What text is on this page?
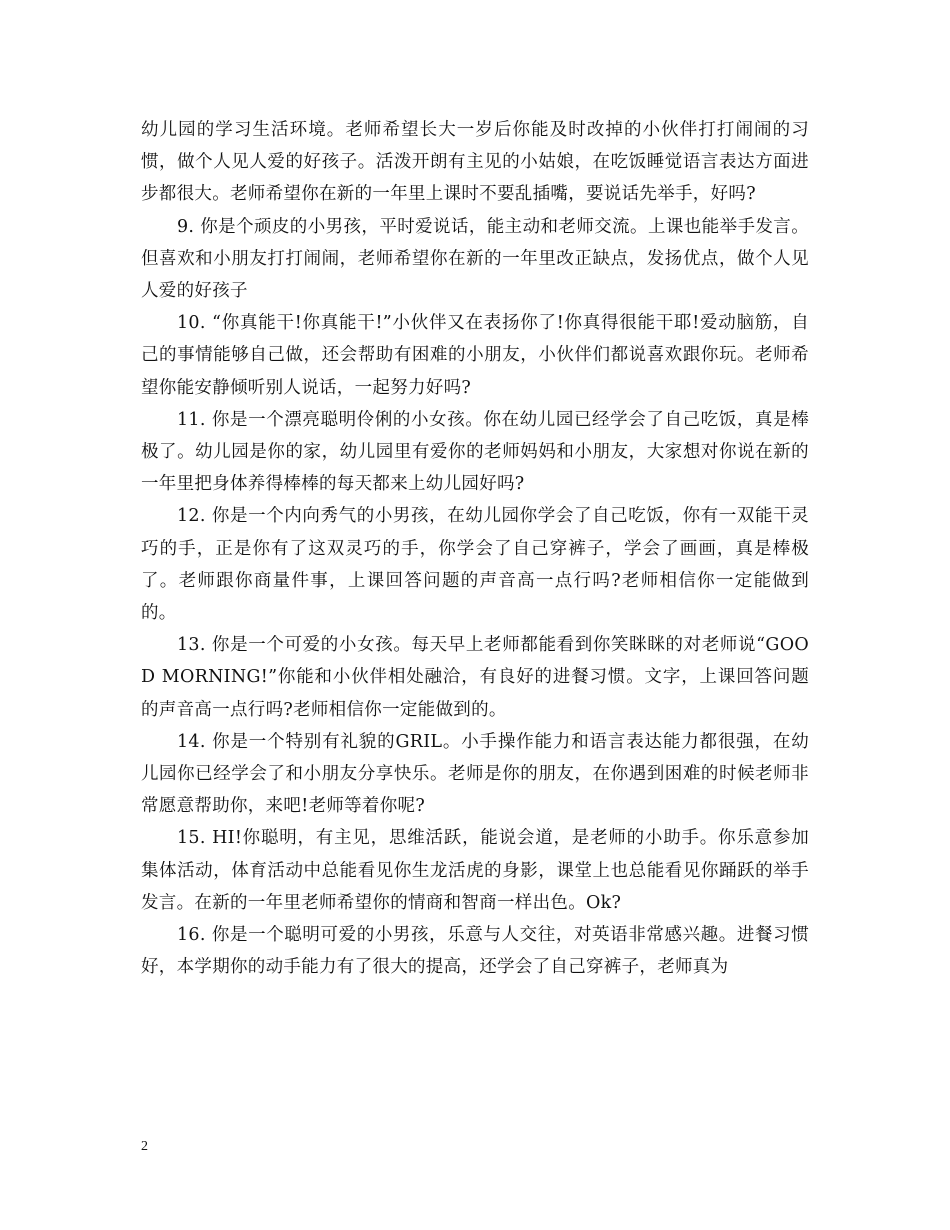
幼儿园的学习生活环境。老师希望长大一岁后你能及时改掉的小伙伴打打闹闹的习惯，做个人见人爱的好孩子。活泼开朗有主见的小姑娘，在吃饭睡觉语言表达方面进步都很大。老师希望你在新的一年里上课时不要乱插嘴，要说话先举手，好吗?

9. 你是个顽皮的小男孩，平时爱说话，能主动和老师交流。上课也能举手发言。但喜欢和小朋友打打闹闹，老师希望你在新的一年里改正缺点，发扬优点，做个人见人爱的好孩子

10. “你真能干!你真能干!”小伙伴又在表扬你了!你真得很能干耶!爱动脑筋，自己的事情能够自己做，还会帮助有困难的小朋友，小伙伴们都说喜欢跟你玩。老师希望你能安静倾听别人说话，一起努力好吗?

11. 你是一个漂亮聪明伶俐的小女孩。你在幼儿园已经学会了自己吃饭，真是棒极了。幼儿园是你的家，幼儿园里有爱你的老师妈妈和小朋友，大家想对你说在新的一年里把身体养得棒棒的每天都来上幼儿园好吗?

12. 你是一个内向秀气的小男孩，在幼儿园你学会了自己吃饭，你有一双能干灵巧的手，正是你有了这双灵巧的手，你学会了自己穿裤子，学会了画画，真是棒极了。老师跟你商量件事，上课回答问题的声音高一点行吗?老师相信你一定能做到的。

13. 你是一个可爱的小女孩。每天早上老师都能看到你笑眯眯的对老师说“GOOD MORNING!”你能和小伙伴相处融洽，有良好的进餐习惯。文字，上课回答问题的声音高一点行吗?老师相信你一定能做到的。

14. 你是一个特别有礼貌的GRIL。小手操作能力和语言表达能力都很强，在幼儿园你已经学会了和小朋友分享快乐。老师是你的朋友，在你遇到困难的时候老师非常愿意帮助你，来吧!老师等着你呢?

15. HI!你聪明，有主见，思维活跃，能说会道，是老师的小助手。你乐意参加集体活动，体育活动中总能看见你生龙活虎的身影，课堂上也总能看见你踊跃的举手发言。在新的一年里老师希望你的情商和智商一样出色。Ok?

16. 你是一个聪明可爱的小男孩，乐意与人交往，对英语非常感兴趣。进餐习惯好，本学期你的动手能力有了很大的提高，还学会了自己穿裤子，老师真为

2
